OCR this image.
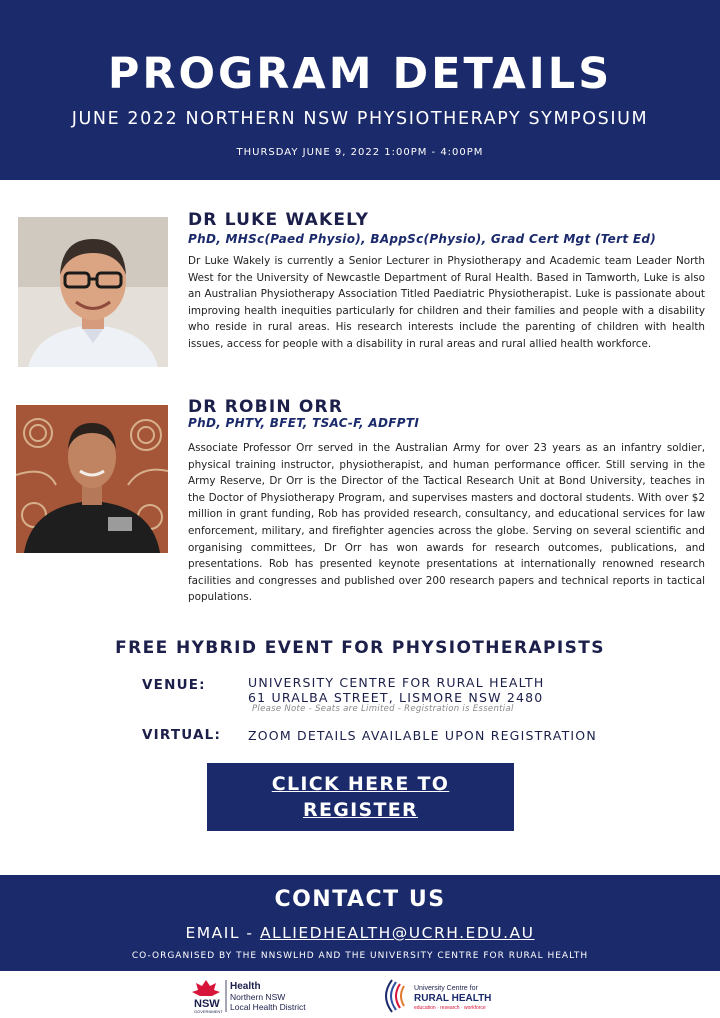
PROGRAM DETAILS
JUNE 2022 NORTHERN NSW PHYSIOTHERAPY SYMPOSIUM
THURSDAY JUNE 9, 2022 1:00PM - 4:00PM
DR LUKE WAKELY
PhD, MHSc(Paed Physio), BAppSc(Physio), Grad Cert Mgt (Tert Ed)
Dr Luke Wakely is currently a Senior Lecturer in Physiotherapy and Academic team Leader North West for the University of Newcastle Department of Rural Health. Based in Tamworth, Luke is also an Australian Physiotherapy Association Titled Paediatric Physiotherapist. Luke is passionate about improving health inequities particularly for children and their families and people with a disability who reside in rural areas. His research interests include the parenting of children with health issues, access for people with a disability in rural areas and rural allied health workforce.
DR ROBIN ORR
PhD, PHTY, BFET, TSAC-F, ADFPTI
Associate Professor Orr served in the Australian Army for over 23 years as an infantry soldier, physical training instructor, physiotherapist, and human performance officer. Still serving in the Army Reserve, Dr Orr is the Director of the Tactical Research Unit at Bond University, teaches in the Doctor of Physiotherapy Program, and supervises masters and doctoral students. With over $2 million in grant funding, Rob has provided research, consultancy, and educational services for law enforcement, military, and firefighter agencies across the globe. Serving on several scientific and organising committees, Dr Orr has won awards for research outcomes, publications, and presentations. Rob has presented keynote presentations at internationally renowned research facilities and congresses and published over 200 research papers and technical reports in tactical populations.
FREE HYBRID EVENT FOR PHYSIOTHERAPISTS
VENUE:	UNIVERSITY CENTRE FOR RURAL HEALTH
61 URALBA STREET, LISMORE NSW 2480
Please Note - Seats are Limited - Registration is Essential
VIRTUAL: ZOOM DETAILS AVAILABLE UPON REGISTRATION
CLICK HERE TO
REGISTER
CONTACT US
EMAIL - ALLIEDHEALTH@UCRH.EDU.AU
CO-ORGANISED BY THE NNSWLHD AND THE UNIVERSITY CENTRE FOR RURAL HEALTH
NSW
GOVERNMENT
Health
Northern NSW
Local Health District
University Centre for
RURAL HEALTH
education · research · workforce
